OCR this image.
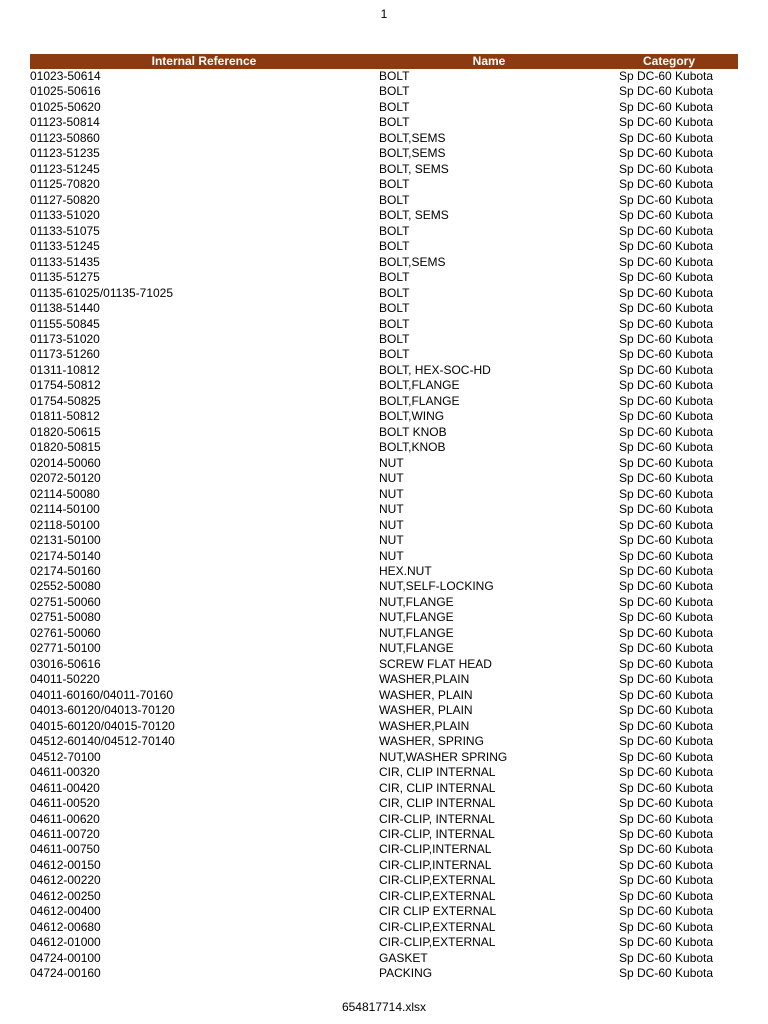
1
Internal Reference	Name	Category
01023-50614	BOLT	Sp DC-60 Kubota
01025-50616	BOLT	Sp DC-60 Kubota
01025-50620	BOLT	Sp DC-60 Kubota
01123-50814	BOLT	Sp DC-60 Kubota
01123-50860	BOLT,SEMS	Sp DC-60 Kubota
01123-51235	BOLT,SEMS	Sp DC-60 Kubota
01123-51245	BOLT, SEMS	Sp DC-60 Kubota
01125-70820	BOLT	Sp DC-60 Kubota
01127-50820	BOLT	Sp DC-60 Kubota
01133-51020	BOLT, SEMS	Sp DC-60 Kubota
01133-51075	BOLT	Sp DC-60 Kubota
01133-51245	BOLT	Sp DC-60 Kubota
01133-51435	BOLT,SEMS	Sp DC-60 Kubota
01135-51275	BOLT	Sp DC-60 Kubota
01135-61025/01135-71025	BOLT	Sp DC-60 Kubota
01138-51440	BOLT	Sp DC-60 Kubota
01155-50845	BOLT	Sp DC-60 Kubota
01173-51020	BOLT	Sp DC-60 Kubota
01173-51260	BOLT	Sp DC-60 Kubota
01311-10812	BOLT, HEX-SOC-HD	Sp DC-60 Kubota
01754-50812	BOLT,FLANGE	Sp DC-60 Kubota
01754-50825	BOLT,FLANGE	Sp DC-60 Kubota
01811-50812	BOLT,WING	Sp DC-60 Kubota
01820-50615	BOLT KNOB	Sp DC-60 Kubota
01820-50815	BOLT,KNOB	Sp DC-60 Kubota
02014-50060	NUT	Sp DC-60 Kubota
02072-50120	NUT	Sp DC-60 Kubota
02114-50080	NUT	Sp DC-60 Kubota
02114-50100	NUT	Sp DC-60 Kubota
02118-50100	NUT	Sp DC-60 Kubota
02131-50100	NUT	Sp DC-60 Kubota
02174-50140	NUT	Sp DC-60 Kubota
02174-50160	HEX.NUT	Sp DC-60 Kubota
02552-50080	NUT,SELF-LOCKING	Sp DC-60 Kubota
02751-50060	NUT,FLANGE	Sp DC-60 Kubota
02751-50080	NUT,FLANGE	Sp DC-60 Kubota
02761-50060	NUT,FLANGE	Sp DC-60 Kubota
02771-50100	NUT,FLANGE	Sp DC-60 Kubota
03016-50616	SCREW FLAT HEAD	Sp DC-60 Kubota
04011-50220	WASHER,PLAIN	Sp DC-60 Kubota
04011-60160/04011-70160	WASHER, PLAIN	Sp DC-60 Kubota
04013-60120/04013-70120	WASHER, PLAIN	Sp DC-60 Kubota
04015-60120/04015-70120	WASHER,PLAIN	Sp DC-60 Kubota
04512-60140/04512-70140	WASHER, SPRING	Sp DC-60 Kubota
04512-70100	NUT,WASHER SPRING	Sp DC-60 Kubota
04611-00320	CIR, CLIP INTERNAL	Sp DC-60 Kubota
04611-00420	CIR, CLIP INTERNAL	Sp DC-60 Kubota
04611-00520	CIR, CLIP INTERNAL	Sp DC-60 Kubota
04611-00620	CIR-CLIP, INTERNAL	Sp DC-60 Kubota
04611-00720	CIR-CLIP, INTERNAL	Sp DC-60 Kubota
04611-00750	CIR-CLIP,INTERNAL	Sp DC-60 Kubota
04612-00150	CIR-CLIP,INTERNAL	Sp DC-60 Kubota
04612-00220	CIR-CLIP,EXTERNAL	Sp DC-60 Kubota
04612-00250	CIR-CLIP,EXTERNAL	Sp DC-60 Kubota
04612-00400	CIR CLIP EXTERNAL	Sp DC-60 Kubota
04612-00680	CIR-CLIP,EXTERNAL	Sp DC-60 Kubota
04612-01000	CIR-CLIP,EXTERNAL	Sp DC-60 Kubota
04724-00100	GASKET	Sp DC-60 Kubota
04724-00160	PACKING	Sp DC-60 Kubota
654817714.xlsx
